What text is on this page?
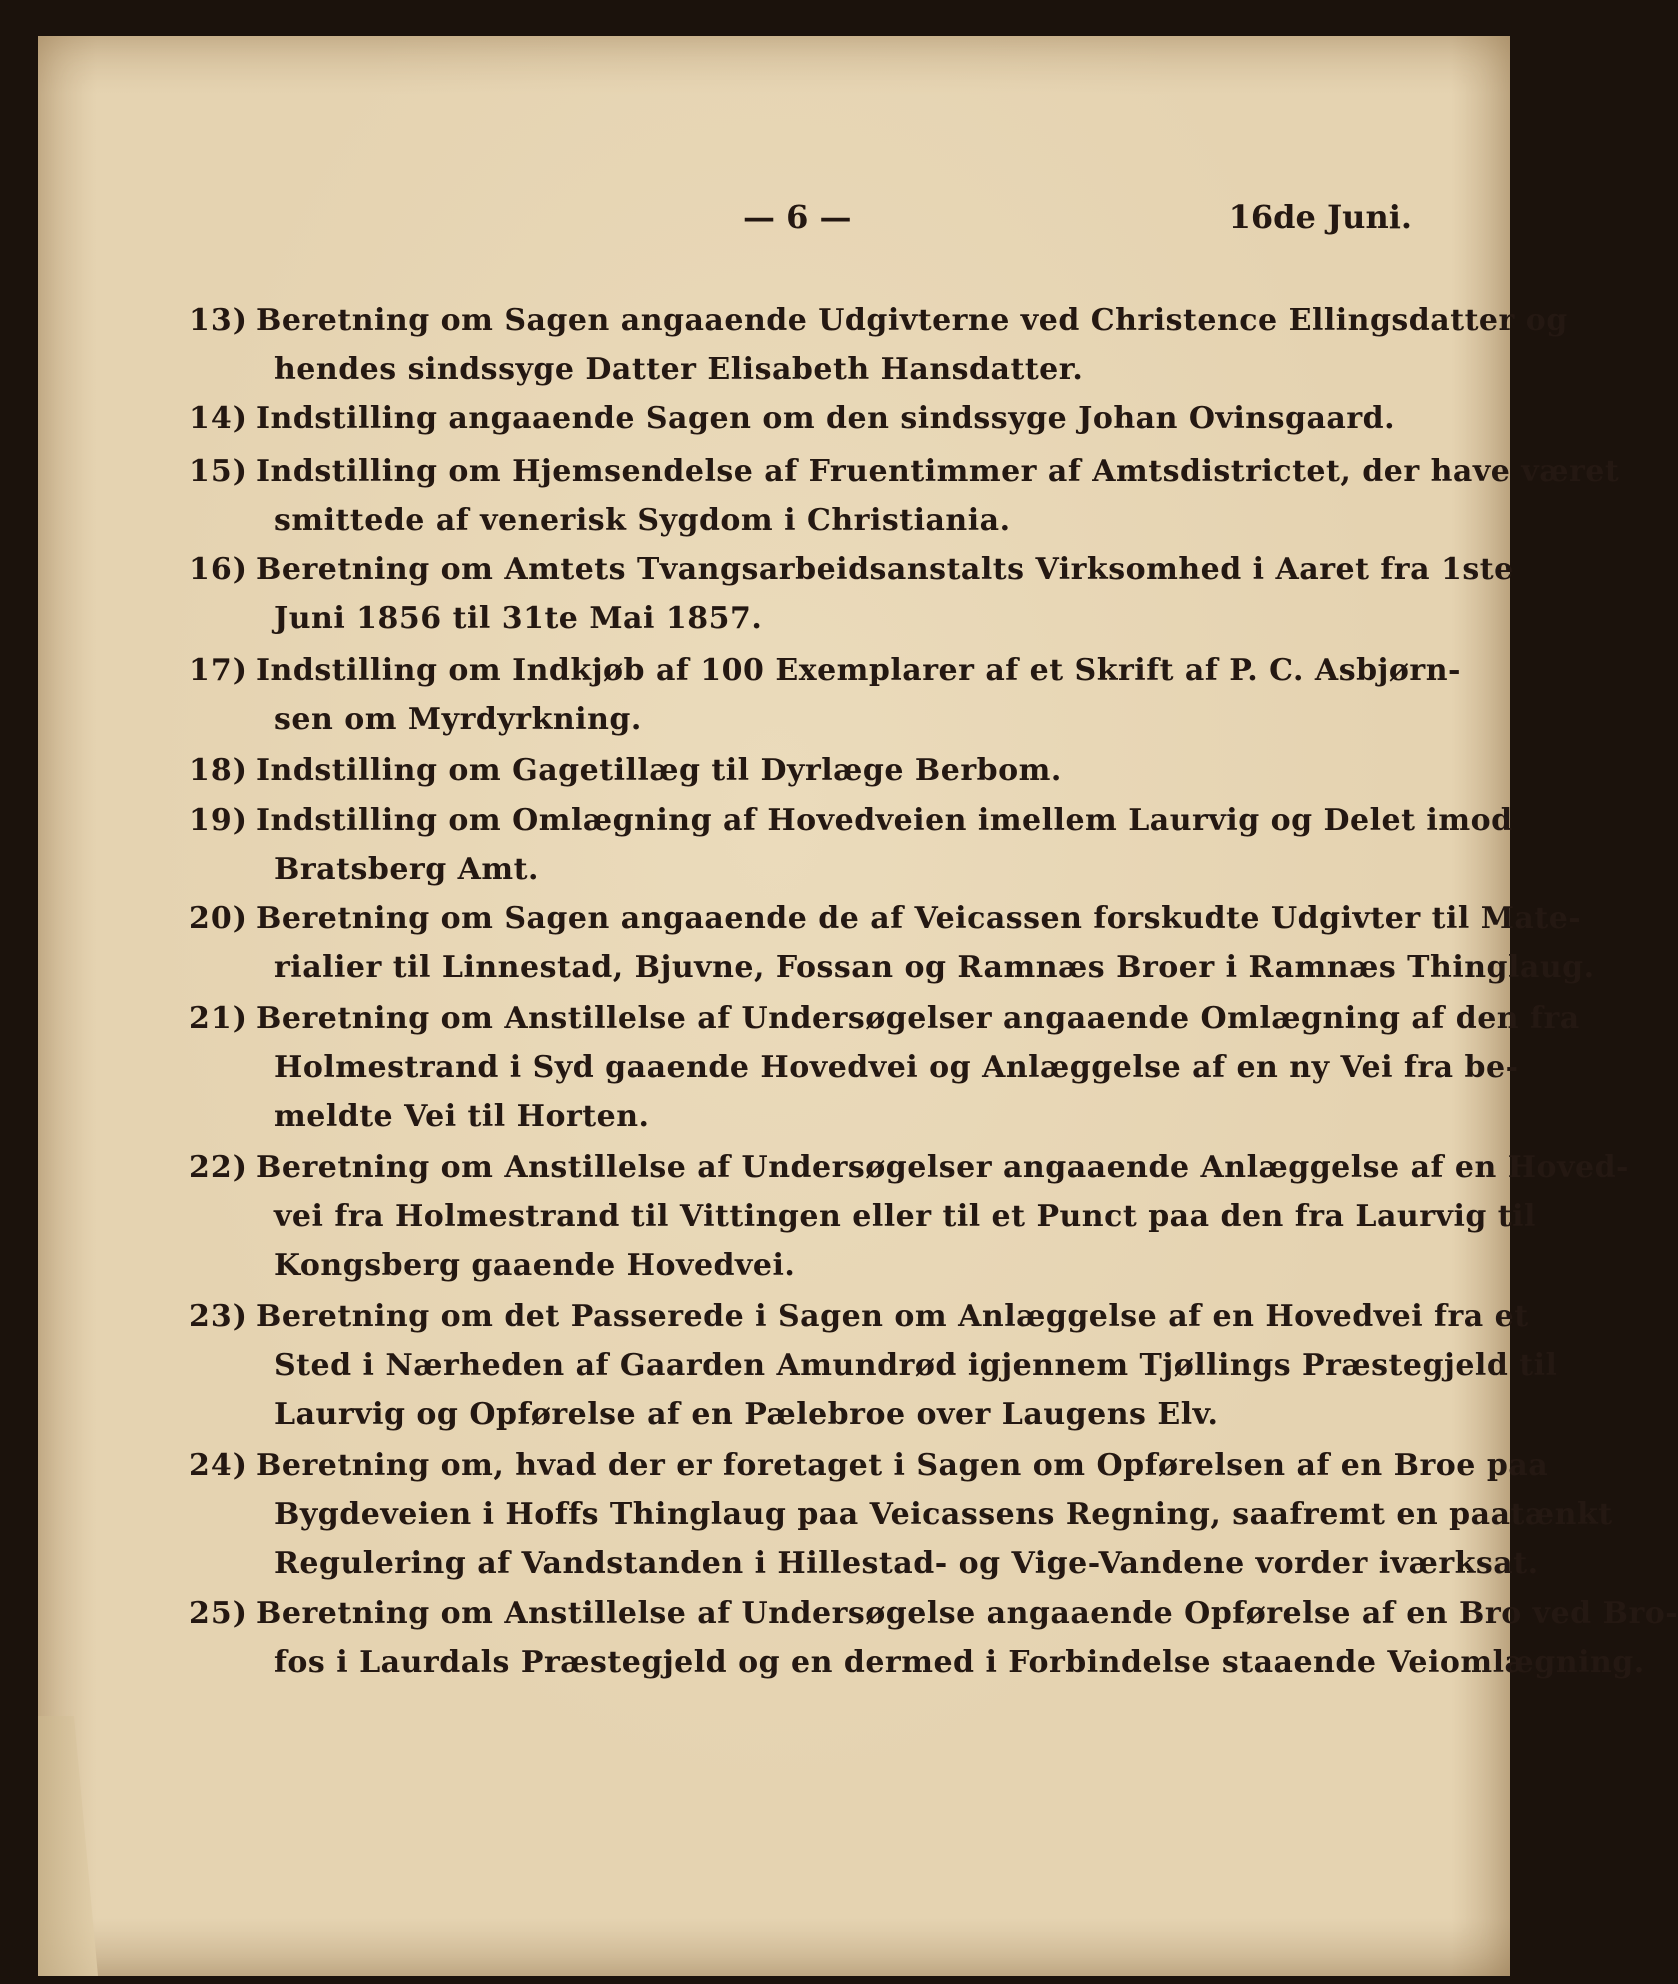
— 6 —	16de Juni.
13) Beretning om Sagen angaaende Udgivterne ved Christence Ellingsdatter og
hendes sindssyge Datter Elisabeth Hansdatter.
14) Indstilling angaaende Sagen om den sindssyge Johan Ovinsgaard.
15) Indstilling om Hjemsendelse af Fruentimmer af Amtsdistrictet, der have været
smittede af venerisk Sygdom i Christiania.
16) Beretning om Amtets Tvangsarbeidsanstalts Virksomhed i Aaret fra 1ste
Juni 1856 til 31te Mai 1857.
17) Indstilling om Indkjøb af 100 Exemplarer af et Skrift af P. C. Asbjørn-
sen om Myrdyrkning.
18) Indstilling om Gagetillæg til Dyrlæge Berbom.
19) Indstilling om Omlægning af Hovedveien imellem Laurvig og Delet imod
Bratsberg Amt.
20) Beretning om Sagen angaaende de af Veicassen forskudte Udgivter til Mate-
rialier til Linnestad, Bjuvne, Fossan og Ramnæs Broer i Ramnæs Thinglaug.
21) Beretning om Anstillelse af Undersøgelser angaaende Omlægning af den fra
Holmestrand i Syd gaaende Hovedvei og Anlæggelse af en ny Vei fra be-
meldte Vei til Horten.
22) Beretning om Anstillelse af Undersøgelser angaaende Anlæggelse af en Hoved-
vei fra Holmestrand til Vittingen eller til et Punct paa den fra Laurvig til
Kongsberg gaaende Hovedvei.
23) Beretning om det Passerede i Sagen om Anlæggelse af en Hovedvei fra et
Sted i Nærheden af Gaarden Amundrød igjennem Tjøllings Præstegjeld til
Laurvig og Opførelse af en Pælebroe over Laugens Elv.
24) Beretning om, hvad der er foretaget i Sagen om Opførelsen af en Broe paa
Bygdeveien i Hoffs Thinglaug paa Veicassens Regning, saafremt en paatænkt
Regulering af Vandstanden i Hillestad- og Vige-Vandene vorder iværksat.
25) Beretning om Anstillelse af Undersøgelse angaaende Opførelse af en Bro ved Bro-
fos i Laurdals Præstegjeld og en dermed i Forbindelse staaende Veiomlægning.
